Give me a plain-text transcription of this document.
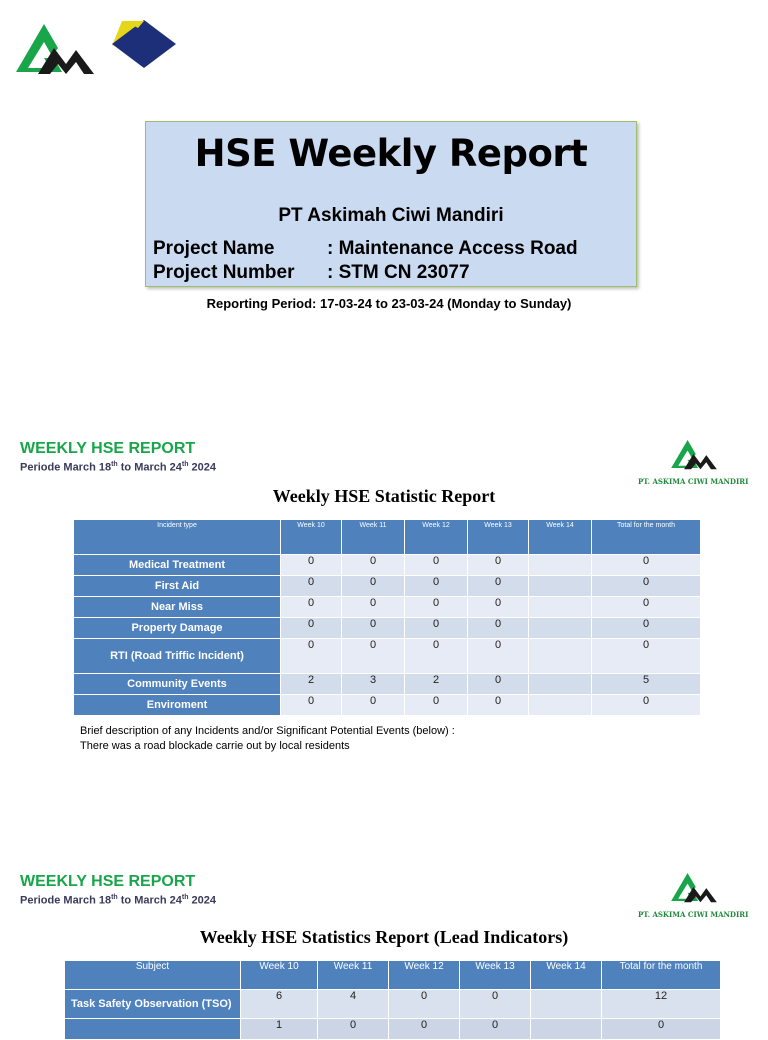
HSE Weekly Report
PT Askimah Ciwi Mandiri
Project Name	: Maintenance Access Road
Project Number : STM CN 23077
Reporting Period: 17-03-24 to 23-03-24 (Monday to Sunday)
WEEKLY HSE REPORT
Periode March 18th to March 24th 2024
PT. ASKIMA CIWI MANDIRI
Weekly HSE Statistic Report
Incident type	Week 10	Week 11	Week 12	Week 13	Week 14	Total for the month
Medical Treatment	0	0	0	0		0
First Aid	0	0	0	0		0
Near Miss	0	0	0	0		0
Property Damage	0	0	0	0		0
RTI (Road Triffic Incident)	0	0	0	0		0
Community Events	2	3	2	0		5
Enviroment	0	0	0	0		0
Brief description of any Incidents and/or Significant Potential Events (below) :
There was a road blockade carrie out by local residents
WEEKLY HSE REPORT
Periode March 18th to March 24th 2024
PT. ASKIMA CIWI MANDIRI
Weekly HSE Statistics Report (Lead Indicators)
Subject	Week 10	Week 11	Week 12	Week 13	Week 14	Total for the month
Task Safety Observation (TSO)	6	4	0	0		12
	1	0	0	0		0
